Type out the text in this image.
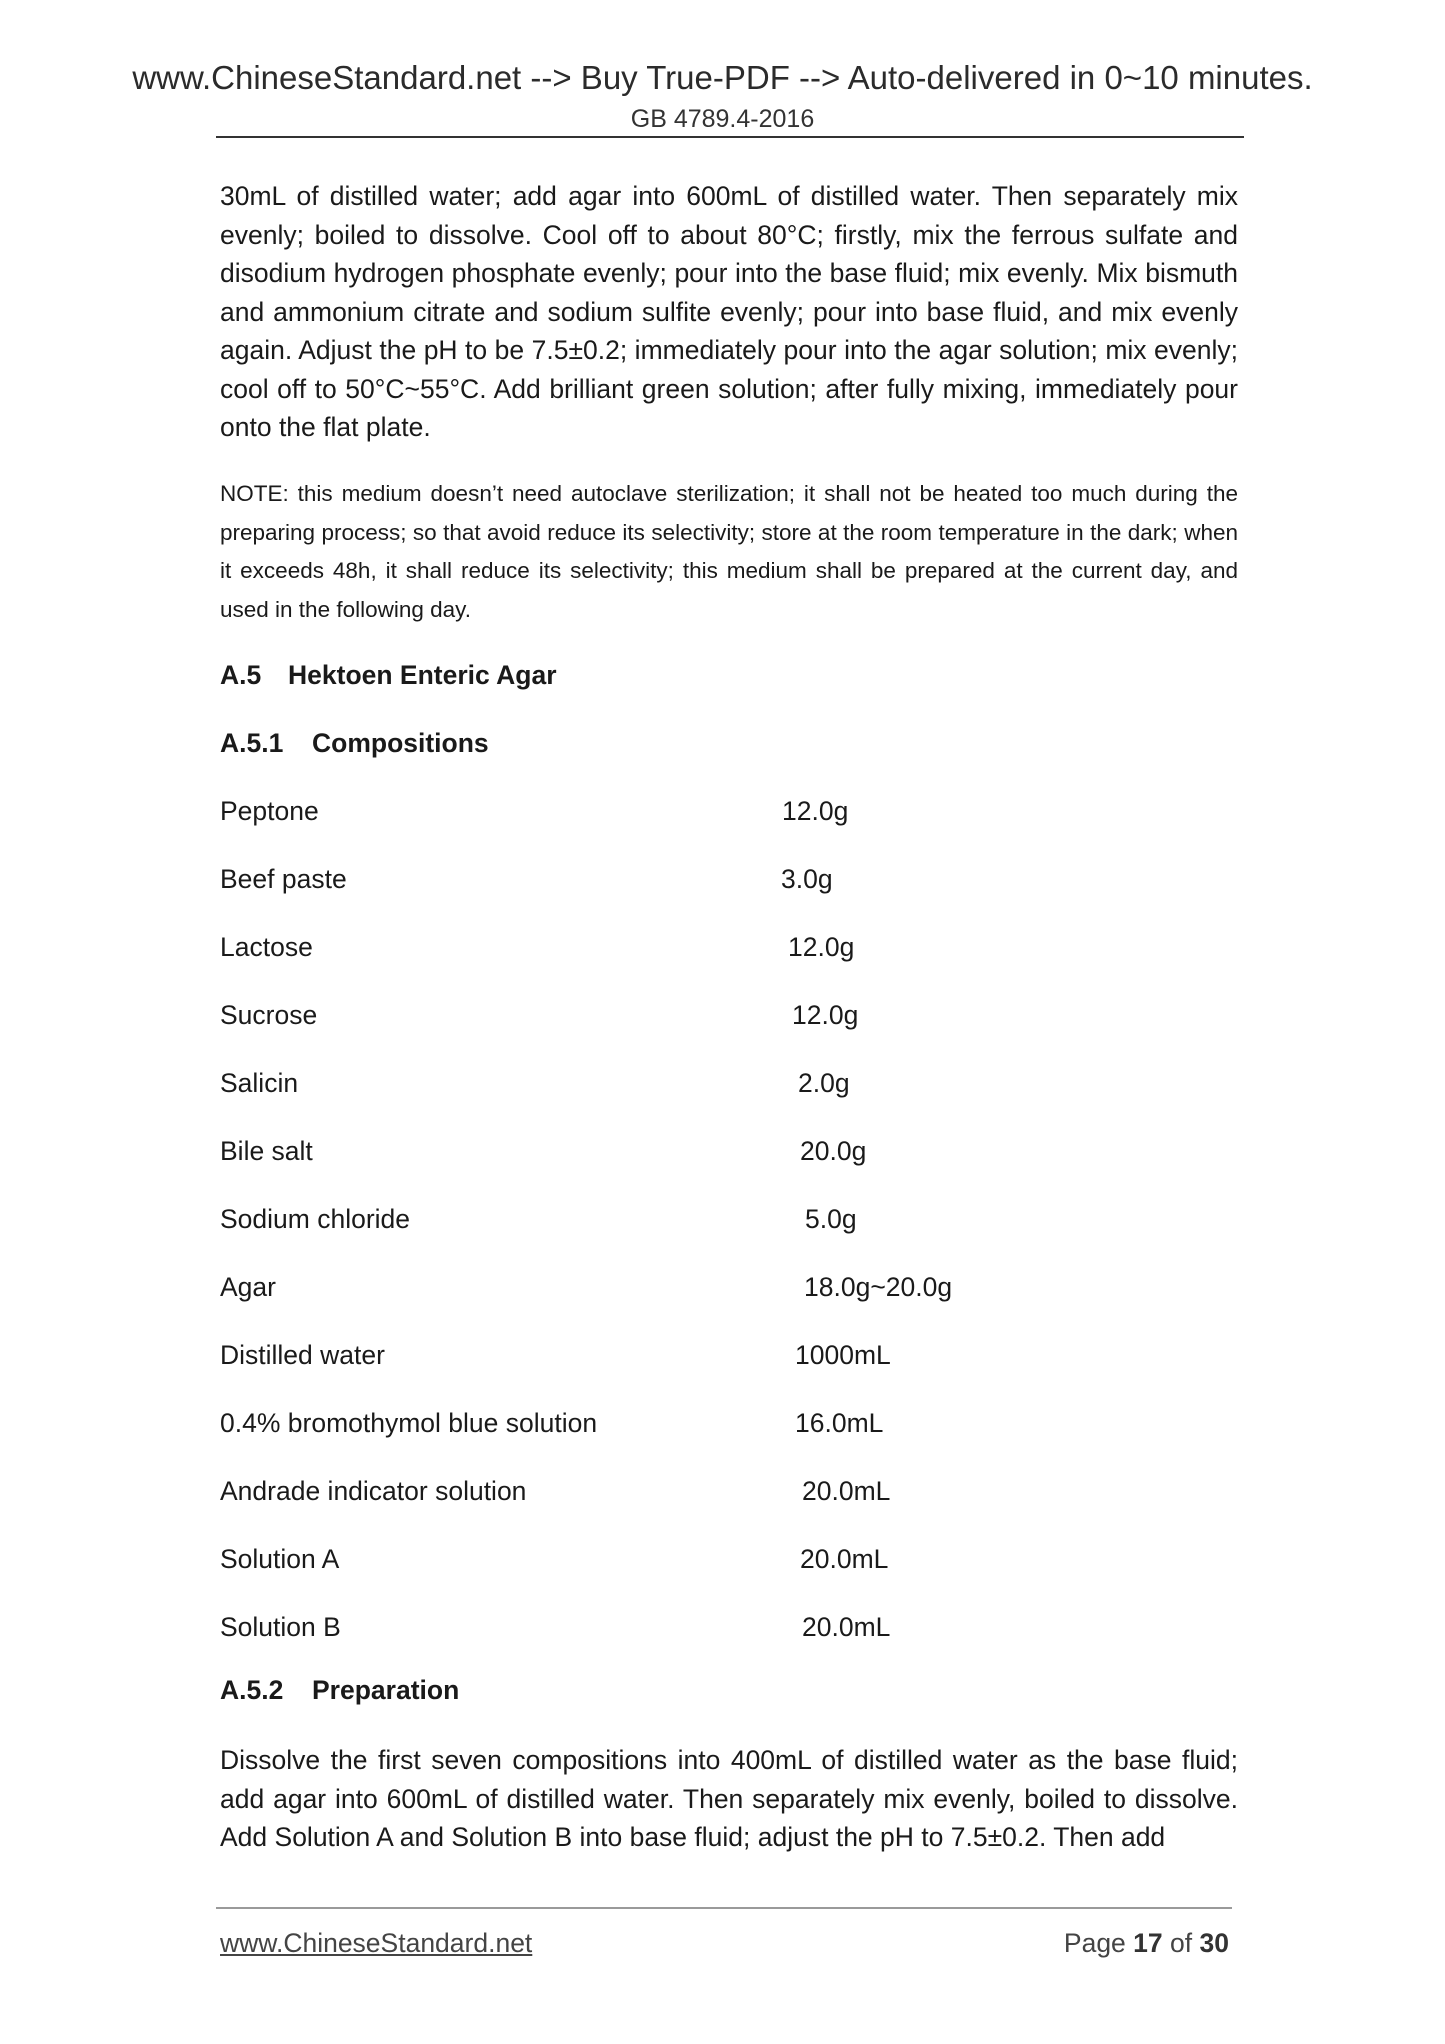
www.ChineseStandard.net --> Buy True-PDF --> Auto-delivered in 0~10 minutes.
GB 4789.4-2016

30mL of distilled water; add agar into 600mL of distilled water. Then separately mix evenly; boiled to dissolve. Cool off to about 80°C; firstly, mix the ferrous sulfate and disodium hydrogen phosphate evenly; pour into the base fluid; mix evenly. Mix bismuth and ammonium citrate and sodium sulfite evenly; pour into base fluid, and mix evenly again. Adjust the pH to be 7.5±0.2; immediately pour into the agar solution; mix evenly; cool off to 50°C~55°C. Add brilliant green solution; after fully mixing, immediately pour onto the flat plate.

NOTE: this medium doesn’t need autoclave sterilization; it shall not be heated too much during the preparing process; so that avoid reduce its selectivity; store at the room temperature in the dark; when it exceeds 48h, it shall reduce its selectivity; this medium shall be prepared at the current day, and used in the following day.

A.5 Hektoen Enteric Agar
A.5.1 Compositions
Peptone	12.0g
Beef paste	3.0g
Lactose	12.0g
Sucrose	12.0g
Salicin	2.0g
Bile salt	20.0g
Sodium chloride	5.0g
Agar	18.0g~20.0g
Distilled water	1000mL
0.4% bromothymol blue solution	16.0mL
Andrade indicator solution	20.0mL
Solution A	20.0mL
Solution B	20.0mL
A.5.2 Preparation

Dissolve the first seven compositions into 400mL of distilled water as the base fluid; add agar into 600mL of distilled water. Then separately mix evenly, boiled to dissolve. Add Solution A and Solution B into base fluid; adjust the pH to 7.5±0.2. Then add

www.ChineseStandard.net	Page 17 of 30
